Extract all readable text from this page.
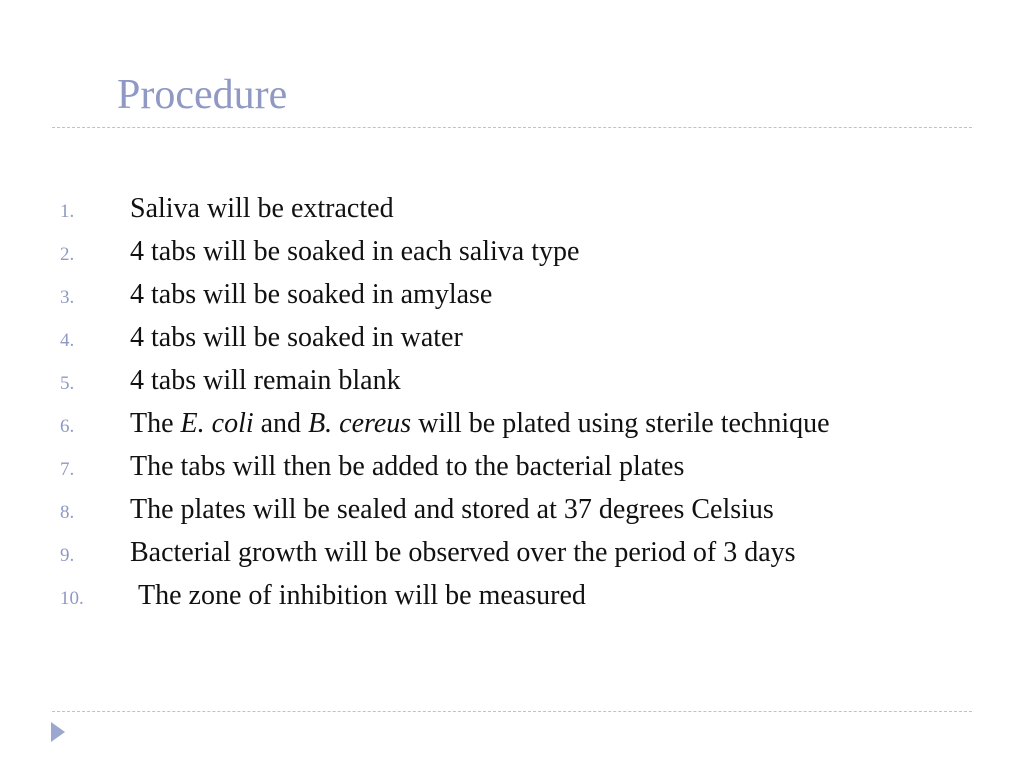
Procedure
1. Saliva will be extracted
2. 4 tabs will be soaked in each saliva type
3. 4 tabs will be soaked in amylase
4. 4 tabs will be soaked in water
5. 4 tabs will remain blank
6. The E. coli and B. cereus will be plated using sterile technique
7. The tabs will then be added to the bacterial plates
8. The plates will be sealed and stored at 37 degrees Celsius
9. Bacterial growth will be observed over the period of 3 days
10. The zone of inhibition will be measured
